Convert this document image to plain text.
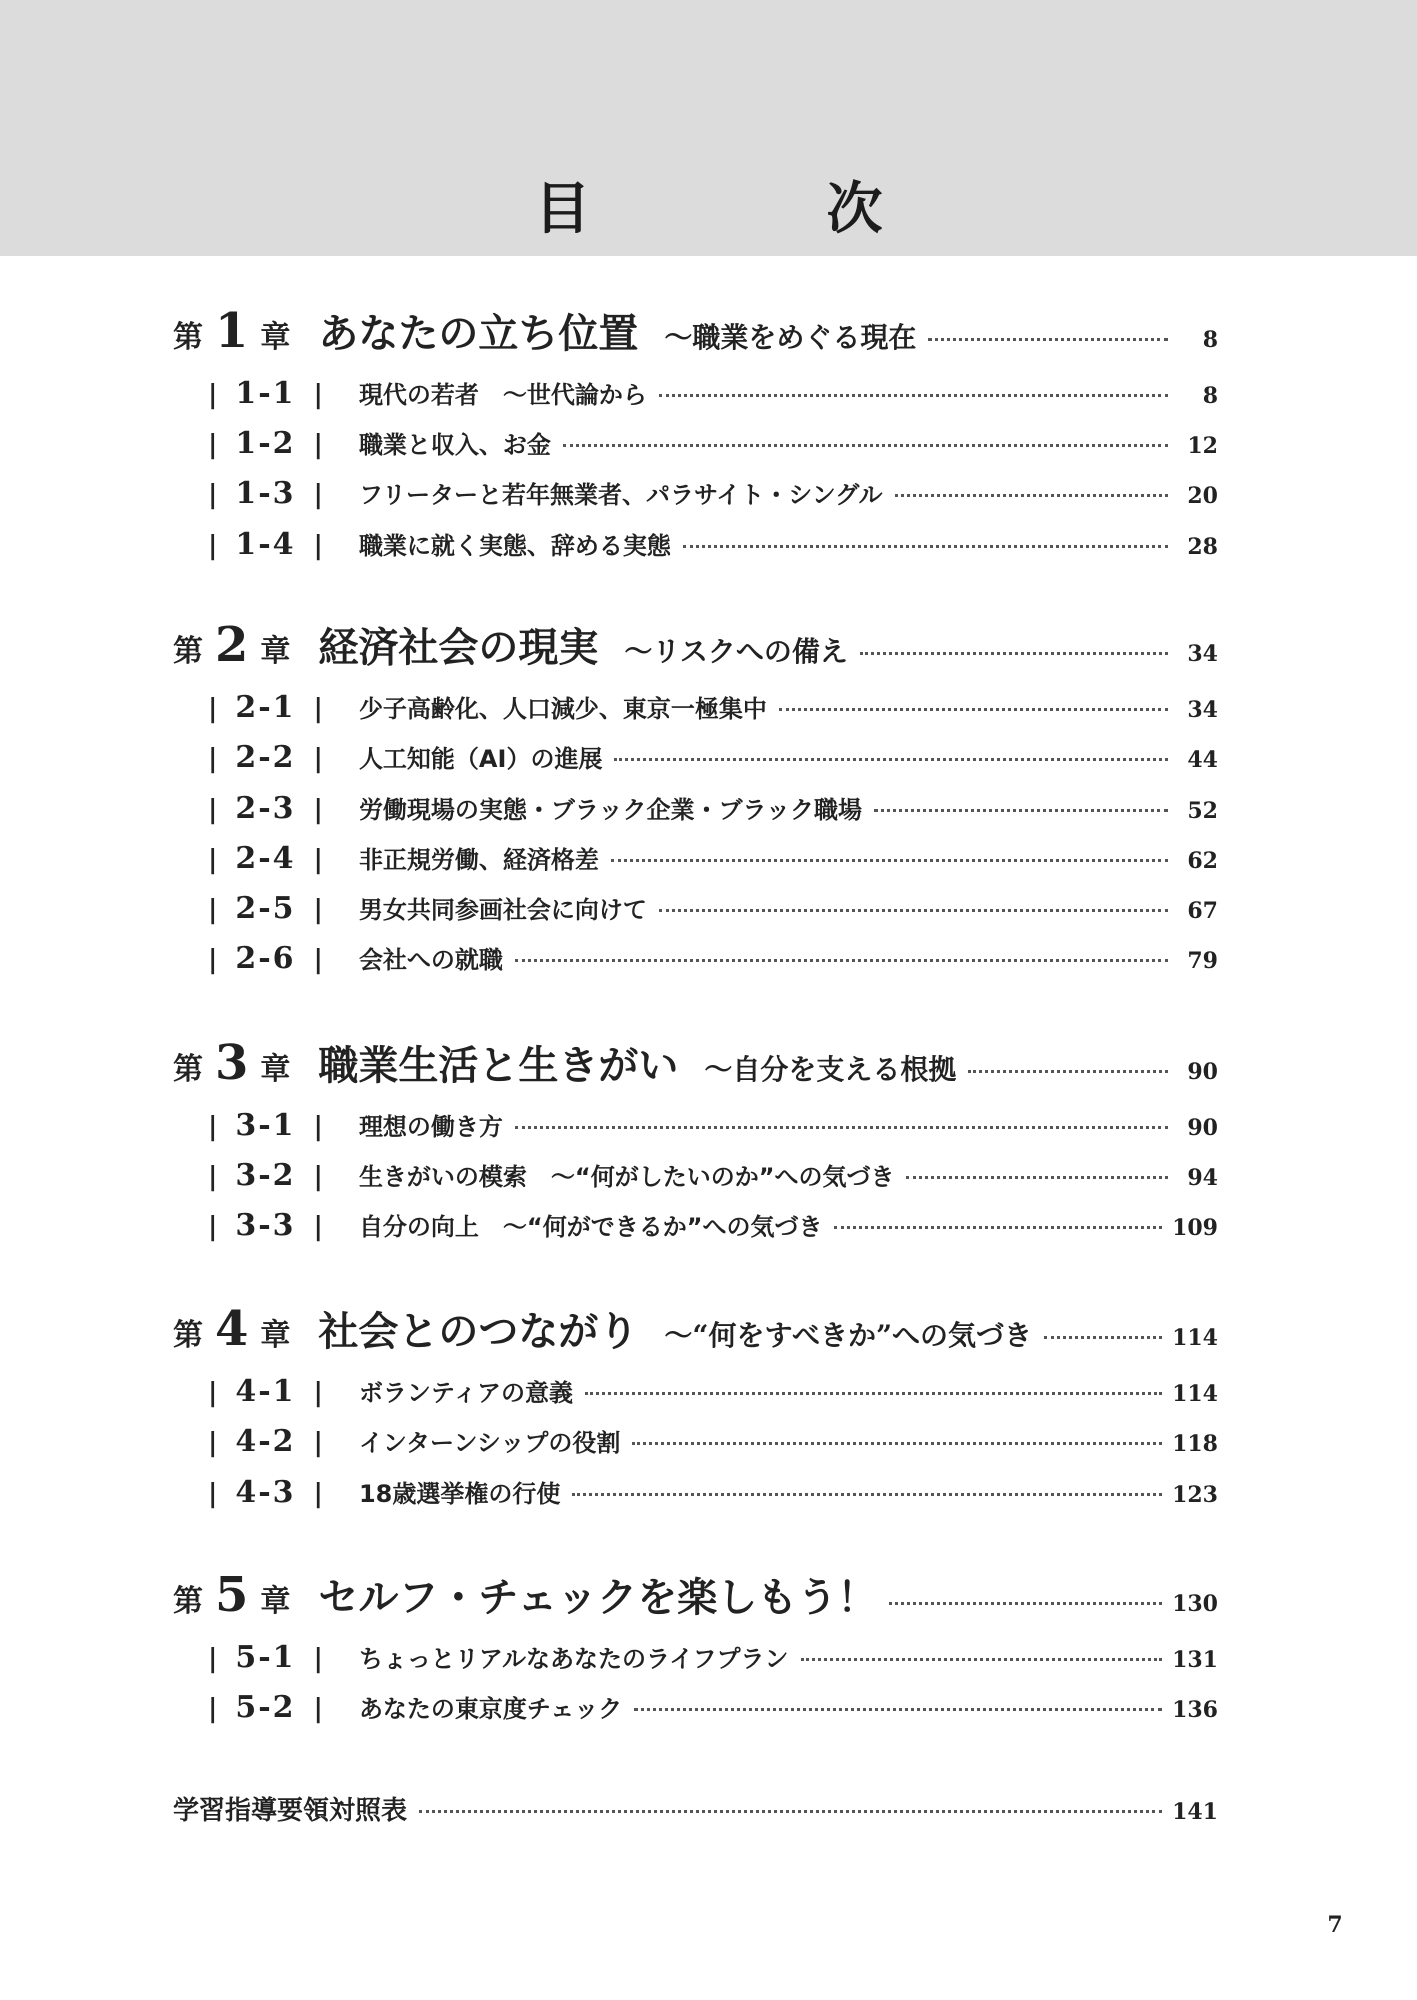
目　次
第 1 章 あなたの立ち位置 〜職業をめぐる現在	8
| 1-1 | 現代の若者　〜世代論から	8
| 1-2 | 職業と収入、お金	12
| 1-3 | フリーターと若年無業者、パラサイト・シングル	20
| 1-4 | 職業に就く実態、辞める実態	28
第 2 章 経済社会の現実 〜リスクへの備え	34
| 2-1 | 少子高齢化、人口減少、東京一極集中	34
| 2-2 | 人工知能（AI）の進展	44
| 2-3 | 労働現場の実態・ブラック企業・ブラック職場	52
| 2-4 | 非正規労働、経済格差	62
| 2-5 | 男女共同参画社会に向けて	67
| 2-6 | 会社への就職	79
第 3 章 職業生活と生きがい 〜自分を支える根拠	90
| 3-1 | 理想の働き方	90
| 3-2 | 生きがいの模索　〜“何がしたいのか”への気づき	94
| 3-3 | 自分の向上　〜“何ができるか”への気づき	109
第 4 章 社会とのつながり 〜“何をすべきか”への気づき	114
| 4-1 | ボランティアの意義	114
| 4-2 | インターンシップの役割	118
| 4-3 | 18歳選挙権の行使	123
第 5 章 セルフ・チェックを楽しもう！	130
| 5-1 | ちょっとリアルなあなたのライフプラン	131
| 5-2 | あなたの東京度チェック	136
学習指導要領対照表	141
7
